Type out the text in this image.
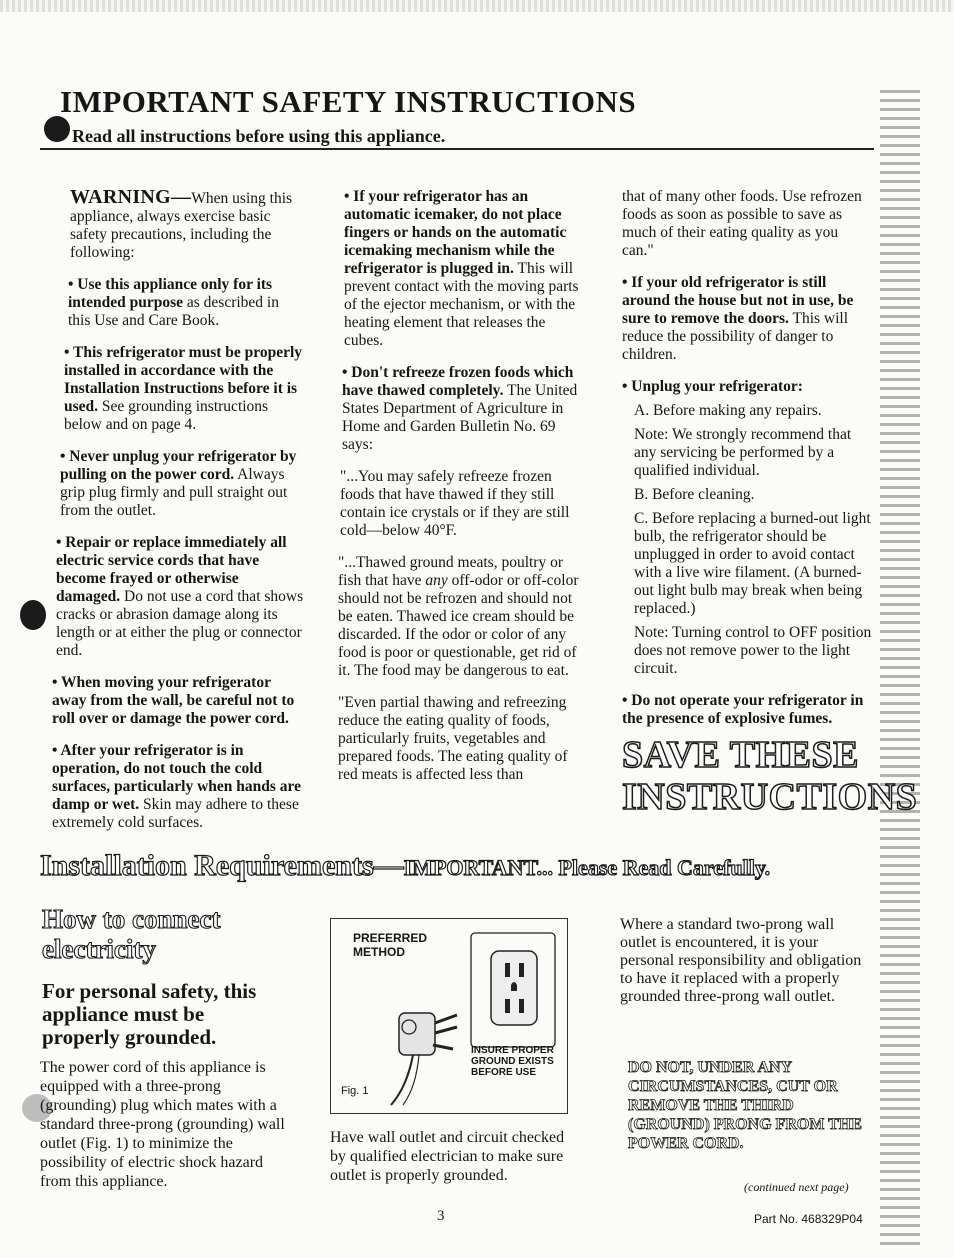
IMPORTANT SAFETY INSTRUCTIONS
Read all instructions before using this appliance.

WARNING—When using this appliance, always exercise basic safety precautions, including the following:

• Use this appliance only for its intended purpose as described in this Use and Care Book.

• This refrigerator must be properly installed in accordance with the Installation Instructions before it is used. See grounding instructions below and on page 4.

• Never unplug your refrigerator by pulling on the power cord. Always grip plug firmly and pull straight out from the outlet.

• Repair or replace immediately all electric service cords that have become frayed or otherwise damaged. Do not use a cord that shows cracks or abrasion damage along its length or at either the plug or connector end.

• When moving your refrigerator away from the wall, be careful not to roll over or damage the power cord.

• After your refrigerator is in operation, do not touch the cold surfaces, particularly when hands are damp or wet. Skin may adhere to these extremely cold surfaces.

• If your refrigerator has an automatic icemaker, do not place fingers or hands on the automatic icemaking mechanism while the refrigerator is plugged in. This will prevent contact with the moving parts of the ejector mechanism, or with the heating element that releases the cubes.

• Don't refreeze frozen foods which have thawed completely. The United States Department of Agriculture in Home and Garden Bulletin No. 69 says:

"...You may safely refreeze frozen foods that have thawed if they still contain ice crystals or if they are still cold—below 40°F.

"...Thawed ground meats, poultry or fish that have any off-odor or off-color should not be refrozen and should not be eaten. Thawed ice cream should be discarded. If the odor or color of any food is poor or questionable, get rid of it. The food may be dangerous to eat.

"Even partial thawing and refreezing reduce the eating quality of foods, particularly fruits, vegetables and prepared foods. The eating quality of red meats is affected less than

that of many other foods. Use refrozen foods as soon as possible to save as much of their eating quality as you can."

• If your old refrigerator is still around the house but not in use, be sure to remove the doors. This will reduce the possibility of danger to children.

• Unplug your refrigerator:

A. Before making any repairs.

Note: We strongly recommend that any servicing be performed by a qualified individual.

B. Before cleaning.

C. Before replacing a burned-out light bulb, the refrigerator should be unplugged in order to avoid contact with a live wire filament. (A burned-out light bulb may break when being replaced.)

Note: Turning control to OFF position does not remove power to the light circuit.

• Do not operate your refrigerator in the presence of explosive fumes.

SAVE THESE
INSTRUCTIONS
Installation Requirements—IMPORTANT... Please Read Carefully.
How to connect
electricity
For personal safety, this appliance must be properly grounded.
The power cord of this appliance is equipped with a three-prong (grounding) plug which mates with a standard three-prong (grounding) wall outlet (Fig. 1) to minimize the possibility of electric shock hazard from this appliance.
PREFERRED
METHOD
INSURE PROPER
GROUND EXISTS
BEFORE USE
Fig. 1
Have wall outlet and circuit checked by qualified electrician to make sure outlet is properly grounded.
Where a standard two-prong wall outlet is encountered, it is your personal responsibility and obligation to have it replaced with a properly grounded three-prong wall outlet.
DO NOT, UNDER ANY CIRCUMSTANCES, CUT OR REMOVE THE THIRD (GROUND) PRONG FROM THE POWER CORD.
(continued next page)
3	Part No. 468329P04
